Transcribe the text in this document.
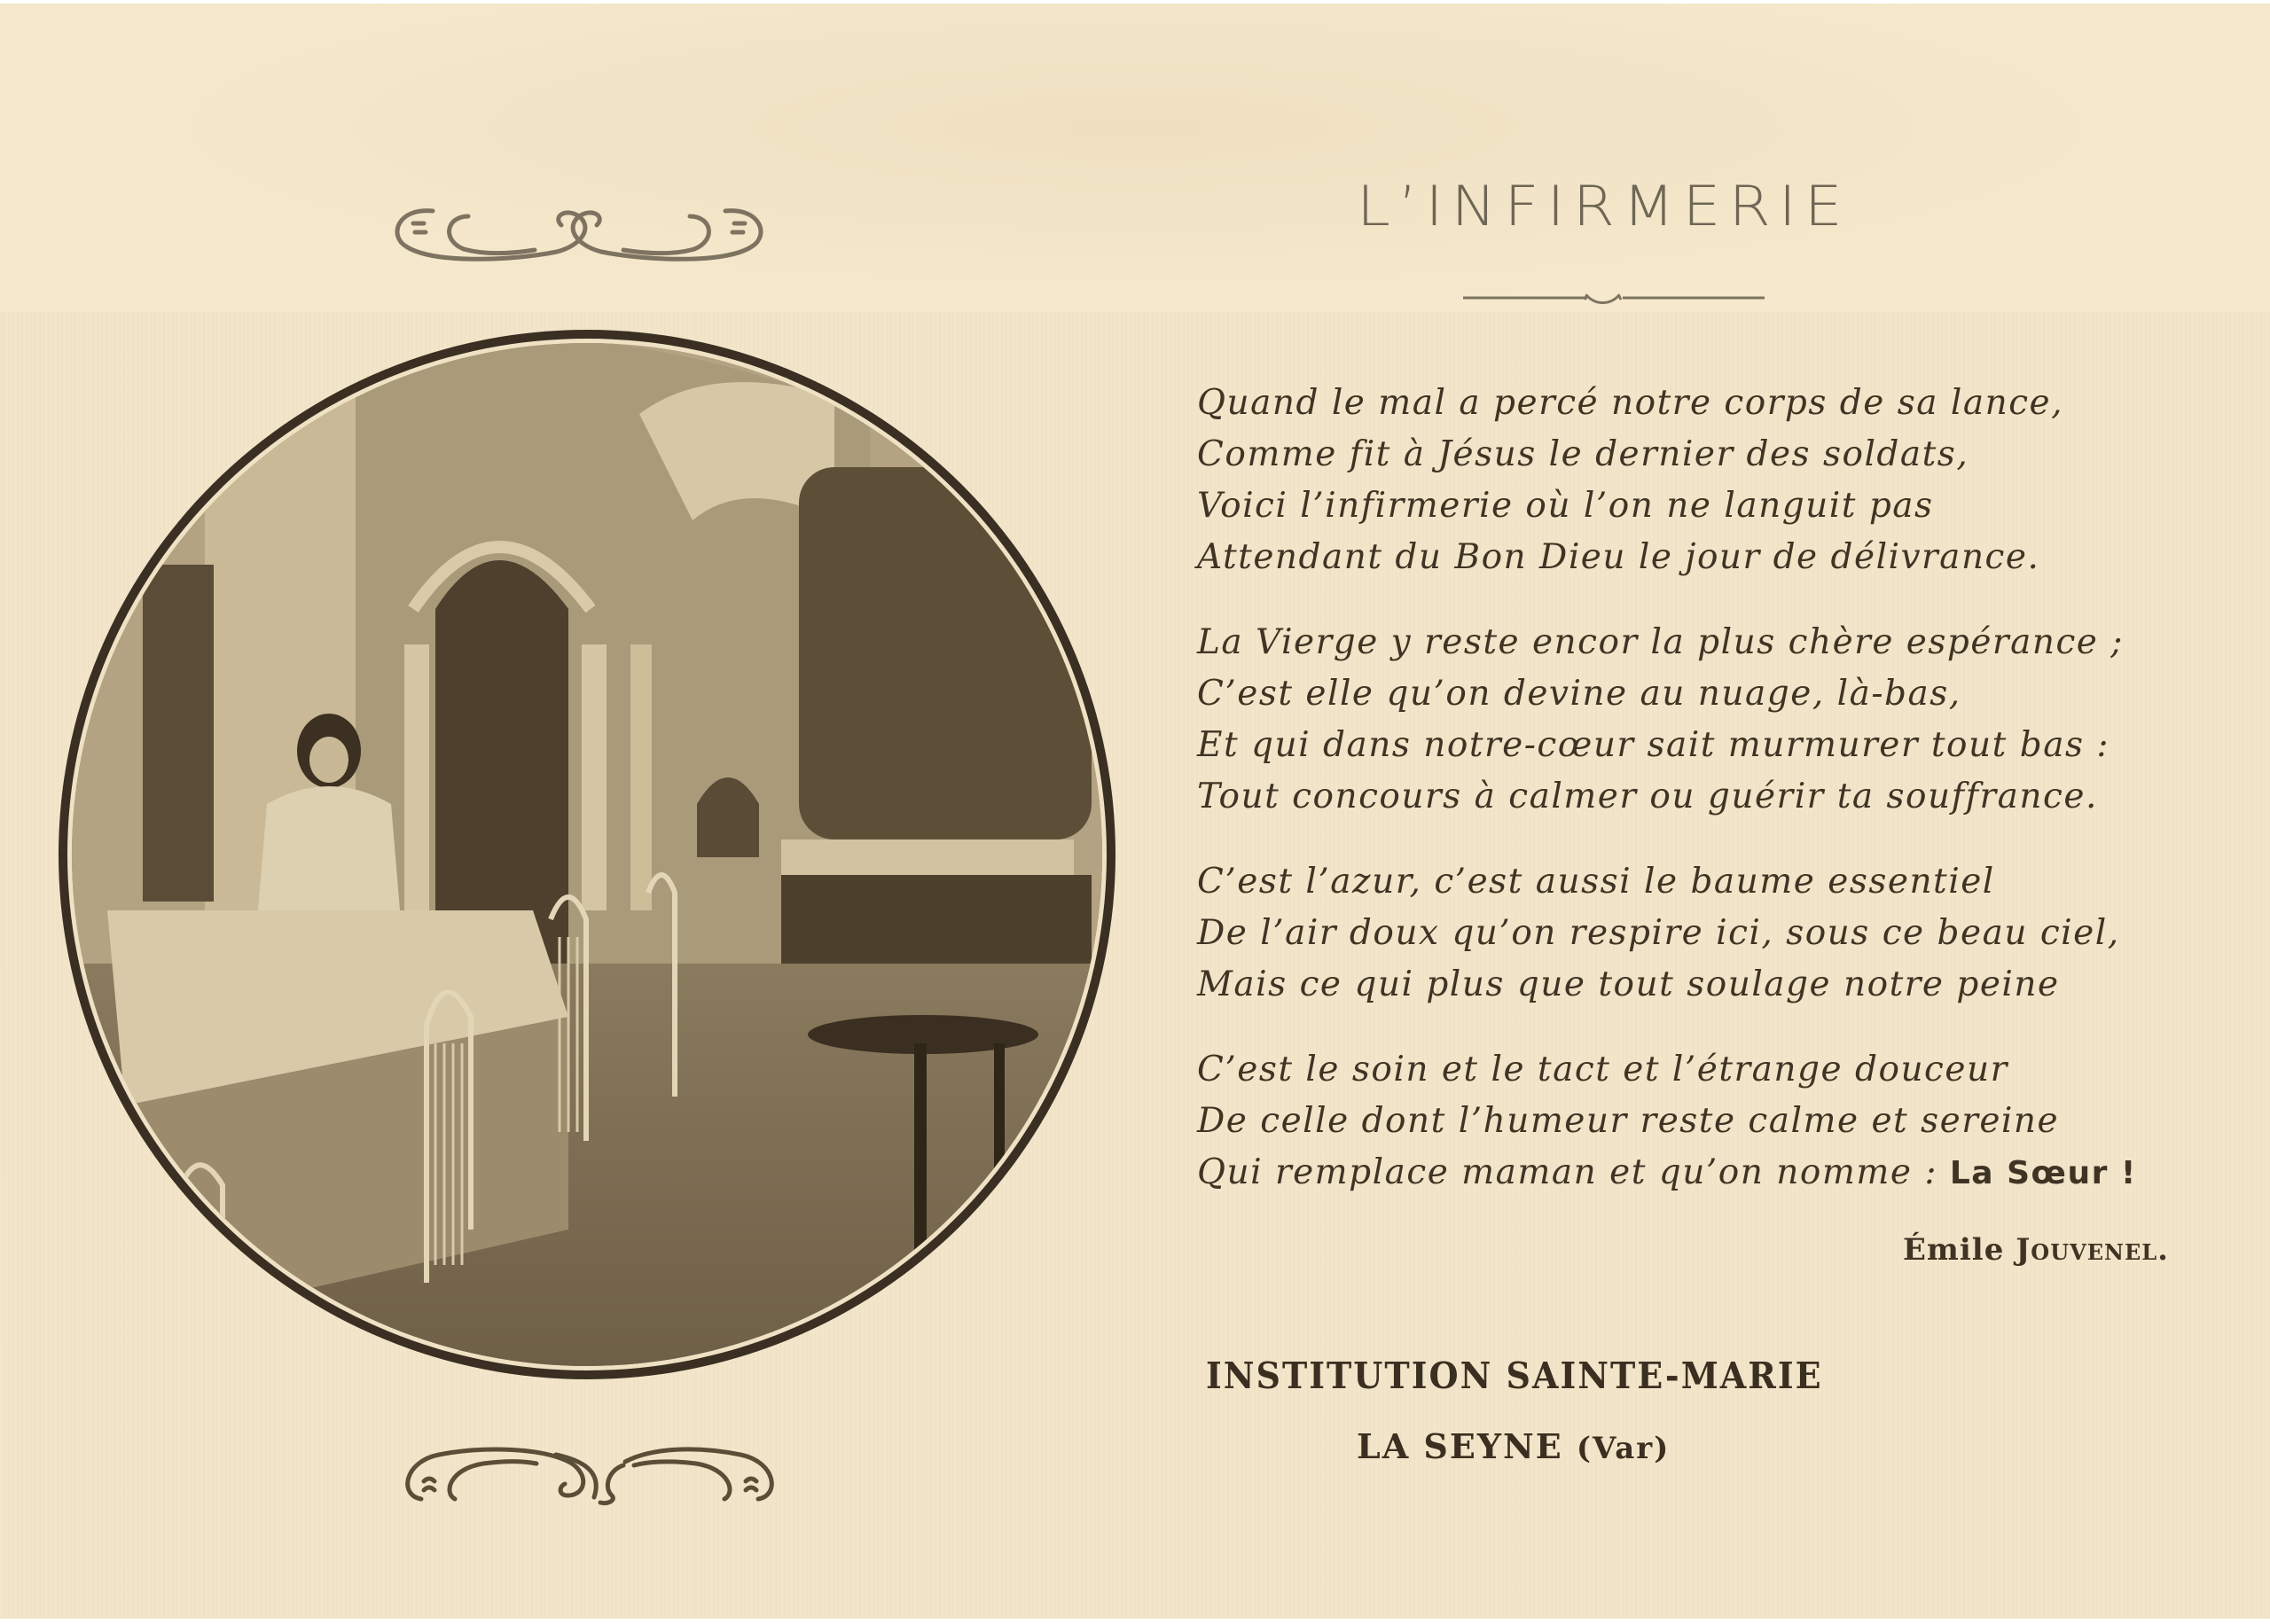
L’INFIRMERIE
Quand le mal a percé notre corps de sa lance,
Comme fit à Jésus le dernier des soldats,
Voici l’infirmerie où l’on ne languit pas
Attendant du Bon Dieu le jour de délivrance.
La Vierge y reste encor la plus chère espérance ;
C’est elle qu’on devine au nuage, là-bas,
Et qui dans notre-cœur sait murmurer tout bas :
Tout concours à calmer ou guérir ta souffrance.
C’est l’azur, c’est aussi le baume essentiel
De l’air doux qu’on respire ici, sous ce beau ciel,
Mais ce qui plus que tout soulage notre peine
C’est le soin et le tact et l’étrange douceur
De celle dont l’humeur reste calme et sereine
Qui remplace maman et qu’on nomme : La Sœur !
Émile Jouvenel.
INSTITUTION SAINTE-MARIE
LA SEYNE (Var)
